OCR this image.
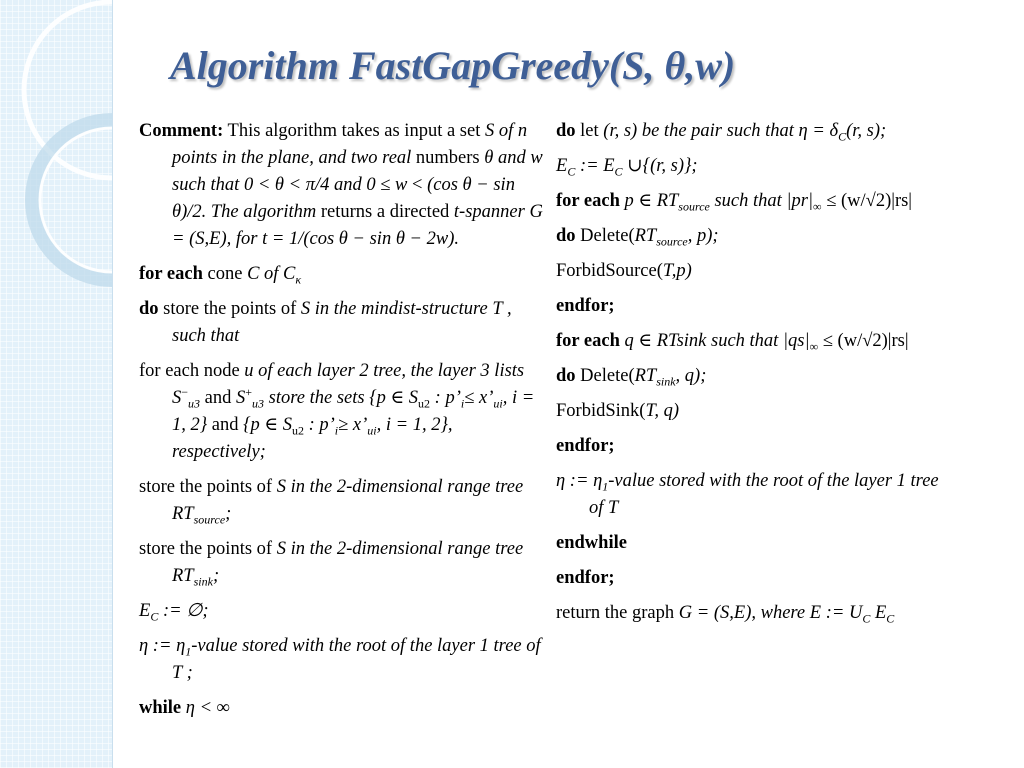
Algorithm FastGapGreedy(S, θ,w)
Comment: This algorithm takes as input a set S of n points in the plane, and two real numbers θ and w such that 0 < θ < π/4 and 0 ≤ w < (cos θ − sin θ)/2. The algorithm returns a directed t-spanner G = (S,E), for t = 1/(cos θ − sin θ − 2w).
for each cone C of $C_\kappa$
do store the points of S in the mindist-structure T , such that
for each node u of each layer 2 tree, the layer 3 lists $S^-_{u3}$ and $S^+_{u3}$ store the sets {p ∈ $S_{u2}$ : $p’_i\le$ $x’_{ui}$, i = 1, 2} and {p ∈ $S_{u2}$ : $p’_i\ge$ $x’_{ui}$, i = 1, 2}, respectively;
store the points of S in the 2-dimensional range tree $RT_{source}$;
store the points of S in the 2-dimensional range tree $RT_{sink}$;
$E_C$ := ∅;
η := $\eta_1$-value stored with the root of the layer 1 tree of T ;
while η < ∞
do let (r, s) be the pair such that $\eta = \delta_C(r$, s);
$E_C$ := $E_C$ ∪{(r, s)};
for each p ∈ $RT_{source}$ such that $|pr|_\infty \le (w/√2)|rs|$
do $Delete(RT_{source}$, p);
ForbidSource(T,p)
endfor;
for each q ∈ RTsink such that $|qs|_\infty \le (w/√2)|rs|$
do $Delete(RT_{sink}$, q);
ForbidSink(T, q)
endfor;
η := $\eta_1$-value stored with the root of the layer 1 tree of T
endwhile
endfor;
return the graph G = (S,E), where E := $U_C$ $E_C$
